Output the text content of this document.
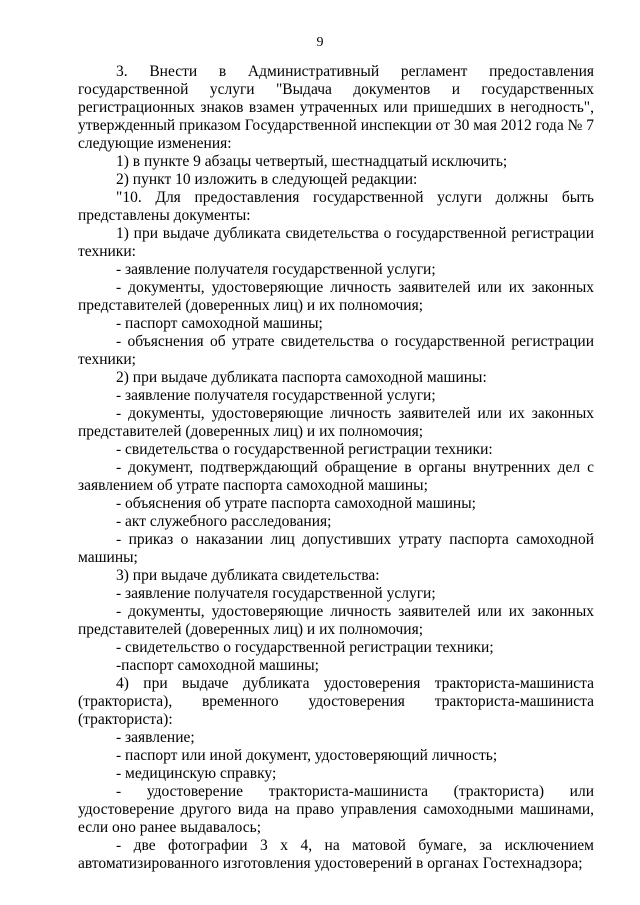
9

3. Внести в Административный регламент предоставления государственной услуги "Выдача документов и государственных регистрационных знаков взамен утраченных или пришедших в негодность", утвержденный приказом Государственной инспекции от 30 мая 2012 года № 7 следующие изменения:

1) в пункте 9 абзацы четвертый, шестнадцатый исключить;

2) пункт 10 изложить в следующей редакции:

"10. Для предоставления государственной услуги должны быть представлены документы:

1) при выдаче дубликата свидетельства о государственной регистрации техники:

- заявление получателя государственной услуги;

- документы, удостоверяющие личность заявителей или их законных представителей (доверенных лиц) и их полномочия;

- паспорт самоходной машины;

- объяснения об утрате свидетельства о государственной регистрации техники;

2) при выдаче дубликата паспорта самоходной машины:

- заявление получателя государственной услуги;

- документы, удостоверяющие личность заявителей или их законных представителей (доверенных лиц) и их полномочия;

- свидетельства о государственной регистрации техники:

- документ, подтверждающий обращение в органы внутренних дел с заявлением об утрате паспорта самоходной машины;

- объяснения об утрате паспорта самоходной машины;

- акт служебного расследования;

- приказ о наказании лиц допустивших утрату паспорта самоходной машины;

3) при выдаче дубликата свидетельства:

- заявление получателя государственной услуги;

- документы, удостоверяющие личность заявителей или их законных представителей (доверенных лиц) и их полномочия;

- свидетельство о государственной регистрации техники;

-паспорт самоходной машины;

4) при выдаче дубликата удостоверения тракториста-машиниста (тракториста), временного удостоверения тракториста-машиниста (тракториста):

- заявление;

- паспорт или иной документ, удостоверяющий личность;

- медицинскую справку;

- удостоверение тракториста-машиниста (тракториста) или удостоверение другого вида на право управления самоходными машинами, если оно ранее выдавалось;

- две фотографии 3 х 4, на матовой бумаге, за исключением автоматизированного изготовления удостоверений в органах Гостехнадзора;
